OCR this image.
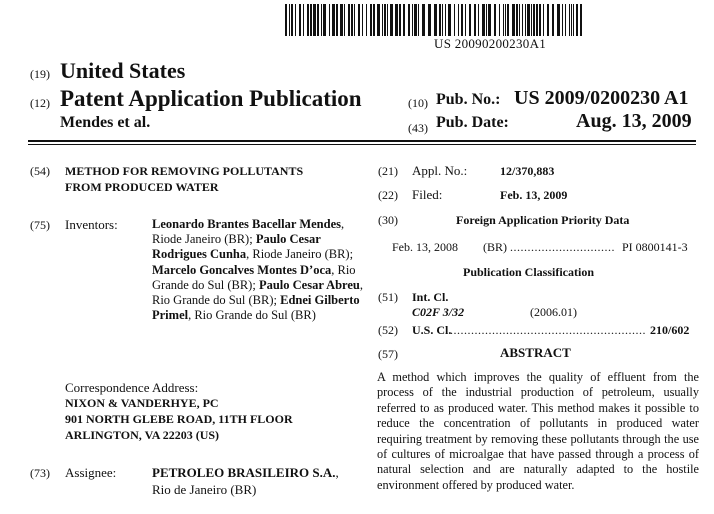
US 20090200230A1
(19) United States
(12) Patent Application Publication
Mendes et al.
(10) Pub. No.: US 2009/0200230 A1
(43) Pub. Date:	Aug. 13, 2009
(54) METHOD FOR REMOVING POLLUTANTS
FROM PRODUCED WATER
(75) Inventors:	Leonardo Brantes Bacellar Mendes, Riode Janeiro (BR); Paulo Cesar Rodrigues Cunha, Riode Janeiro (BR); Marcelo Goncalves Montes D’oca, Rio Grande do Sul (BR); Paulo Cesar Abreu, Rio Grande do Sul (BR); Ednei Gilberto Primel, Rio Grande do Sul (BR)
Correspondence Address:
NIXON & VANDERHYE, PC
901 NORTH GLEBE ROAD, 11TH FLOOR
ARLINGTON, VA 22203 (US)
(73) Assignee:	PETROLEO BRASILEIRO S.A.,
Rio de Janeiro (BR)
(21) Appl. No.:	12/370,883
(22) Filed:	Feb. 13, 2009
(30)	Foreign Application Priority Data
Feb. 13, 2008 (BR) .............................. PI 0800141-3
Publication Classification
(51) Int. Cl.
C02F 3/32	(2006.01)
(52) U.S. Cl.
........................................................ 210/602
(57)	ABSTRACT
A method which improves the quality of effluent from the process of the industrial production of petroleum, usually referred to as produced water. This method makes it possible to reduce the concentration of pollutants in produced water requiring treatment by removing these pollutants through the use of cultures of microalgae that have passed through a process of natural selection and are naturally adapted to the hostile environment offered by produced water.
